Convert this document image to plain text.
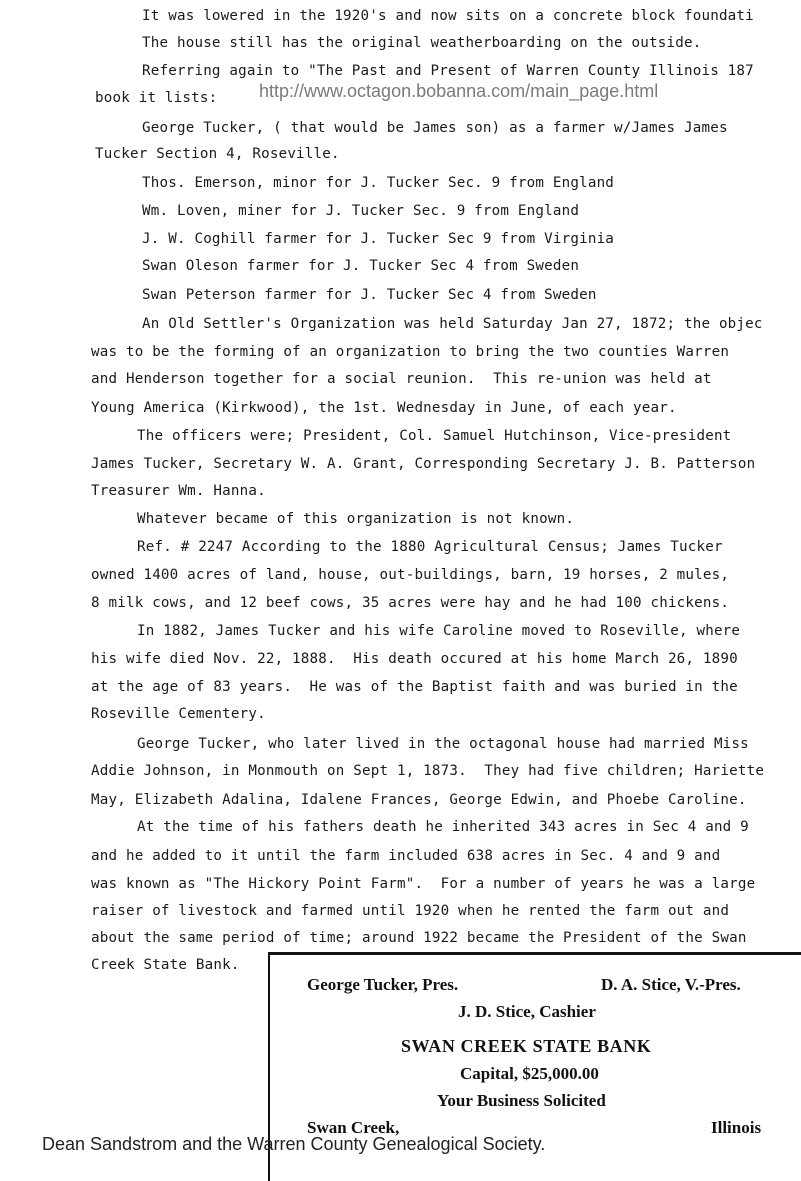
It was lowered in the 1920's and now sits on a concrete block foundati

The house still has the original weatherboarding on the outside.

Referring again to "The Past and Present of Warren County Illinois 187

book it lists:

George Tucker, ( that would be James son) as a farmer w/James James

Tucker Section 4, Roseville.

Thos. Emerson, minor for J. Tucker Sec. 9 from England

Wm. Loven, miner for J. Tucker Sec. 9 from England

J. W. Coghill farmer for J. Tucker Sec 9 from Virginia

Swan Oleson farmer for J. Tucker Sec 4 from Sweden

Swan Peterson farmer for J. Tucker Sec 4 from Sweden

An Old Settler's Organization was held Saturday Jan 27, 1872; the objec

was to be the forming of an organization to bring the two counties Warren

and Henderson together for a social reunion.  This re-union was held at

Young America (Kirkwood), the 1st. Wednesday in June, of each year.

The officers were; President, Col. Samuel Hutchinson, Vice-president

James Tucker, Secretary W. A. Grant, Corresponding Secretary J. B. Patterson

Treasurer Wm. Hanna.

Whatever became of this organization is not known.

Ref. # 2247 According to the 1880 Agricultural Census; James Tucker

owned 1400 acres of land, house, out-buildings, barn, 19 horses, 2 mules,

8 milk cows, and 12 beef cows, 35 acres were hay and he had 100 chickens.

In 1882, James Tucker and his wife Caroline moved to Roseville, where

his wife died Nov. 22, 1888.  His death occured at his home March 26, 1890

at the age of 83 years.  He was of the Baptist faith and was buried in the

Roseville Cementery.

George Tucker, who later lived in the octagonal house had married Miss

Addie Johnson, in Monmouth on Sept 1, 1873.  They had five children; Hariette

May, Elizabeth Adalina, Idalene Frances, George Edwin, and Phoebe Caroline.

At the time of his fathers death he inherited 343 acres in Sec 4 and 9

and he added to it until the farm included 638 acres in Sec. 4 and 9 and

was known as "The Hickory Point Farm".  For a number of years he was a large

raiser of livestock and farmed until 1920 when he rented the farm out and

about the same period of time; around 1922 became the President of the Swan

Creek State Bank.

http://www.octagon.bobanna.com/main_page.html
George Tucker, Pres.	D. A. Stice, V.-Pres.
J. D. Stice, Cashier
SWAN CREEK STATE BANK
Capital, $25,000.00
Your Business Solicited
Swan Creek,	Illinois
Dean Sandstrom and the Warren County Genealogical Society.
